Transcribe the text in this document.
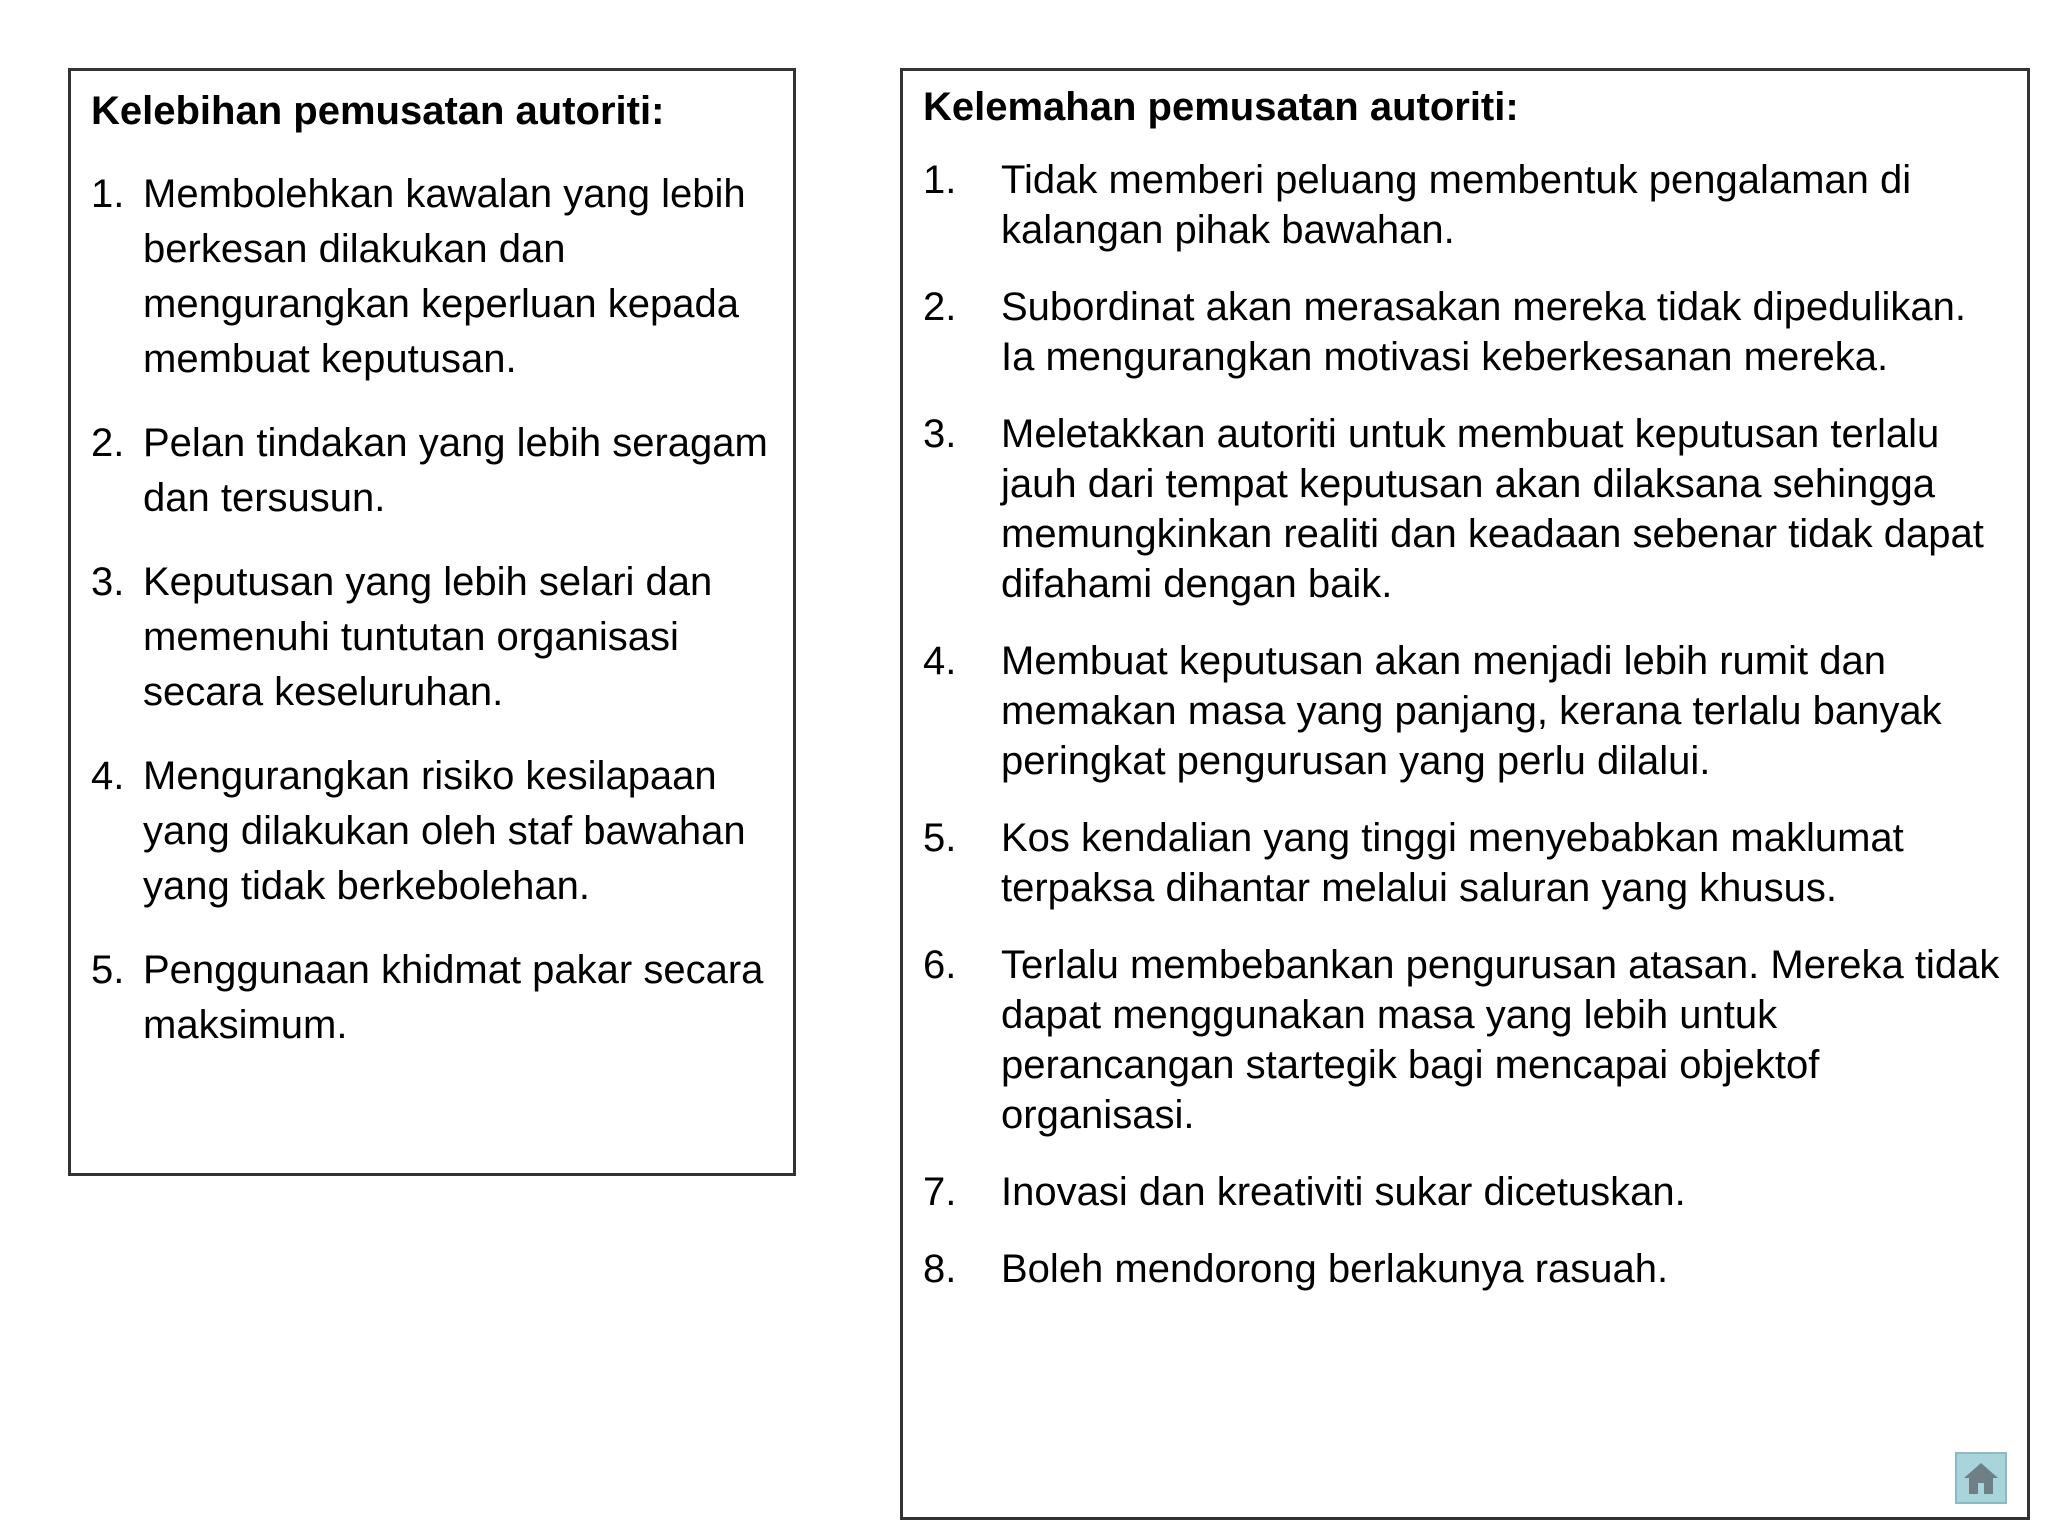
Kelebihan pemusatan autoriti:
1. Membolehkan kawalan yang lebih berkesan dilakukan dan mengurangkan keperluan kepada membuat keputusan.
2. Pelan tindakan yang lebih seragam dan tersusun.
3. Keputusan yang lebih selari dan memenuhi tuntutan organisasi secara keseluruhan.
4. Mengurangkan risiko kesilapaan yang dilakukan oleh staf bawahan yang tidak berkebolehan.
5. Penggunaan khidmat pakar secara maksimum.
Kelemahan pemusatan autoriti:
1.	Tidak memberi peluang membentuk pengalaman di kalangan pihak bawahan.
2.	Subordinat akan merasakan mereka tidak dipedulikan. Ia mengurangkan motivasi keberkesanan mereka.
3.	Meletakkan autoriti untuk membuat keputusan terlalu jauh dari tempat keputusan akan dilaksana sehingga memungkinkan realiti dan keadaan sebenar tidak dapat difahami dengan baik.
4.	Membuat keputusan akan menjadi lebih rumit dan memakan masa yang panjang, kerana terlalu banyak peringkat pengurusan yang perlu dilalui.
5.	Kos kendalian yang tinggi menyebabkan maklumat terpaksa dihantar melalui saluran yang khusus.
6.	Terlalu membebankan pengurusan atasan. Mereka tidak dapat menggunakan masa yang lebih untuk perancangan startegik bagi mencapai objektof organisasi.
7.	Inovasi dan kreativiti sukar dicetuskan.
8.	Boleh mendorong berlakunya rasuah.
